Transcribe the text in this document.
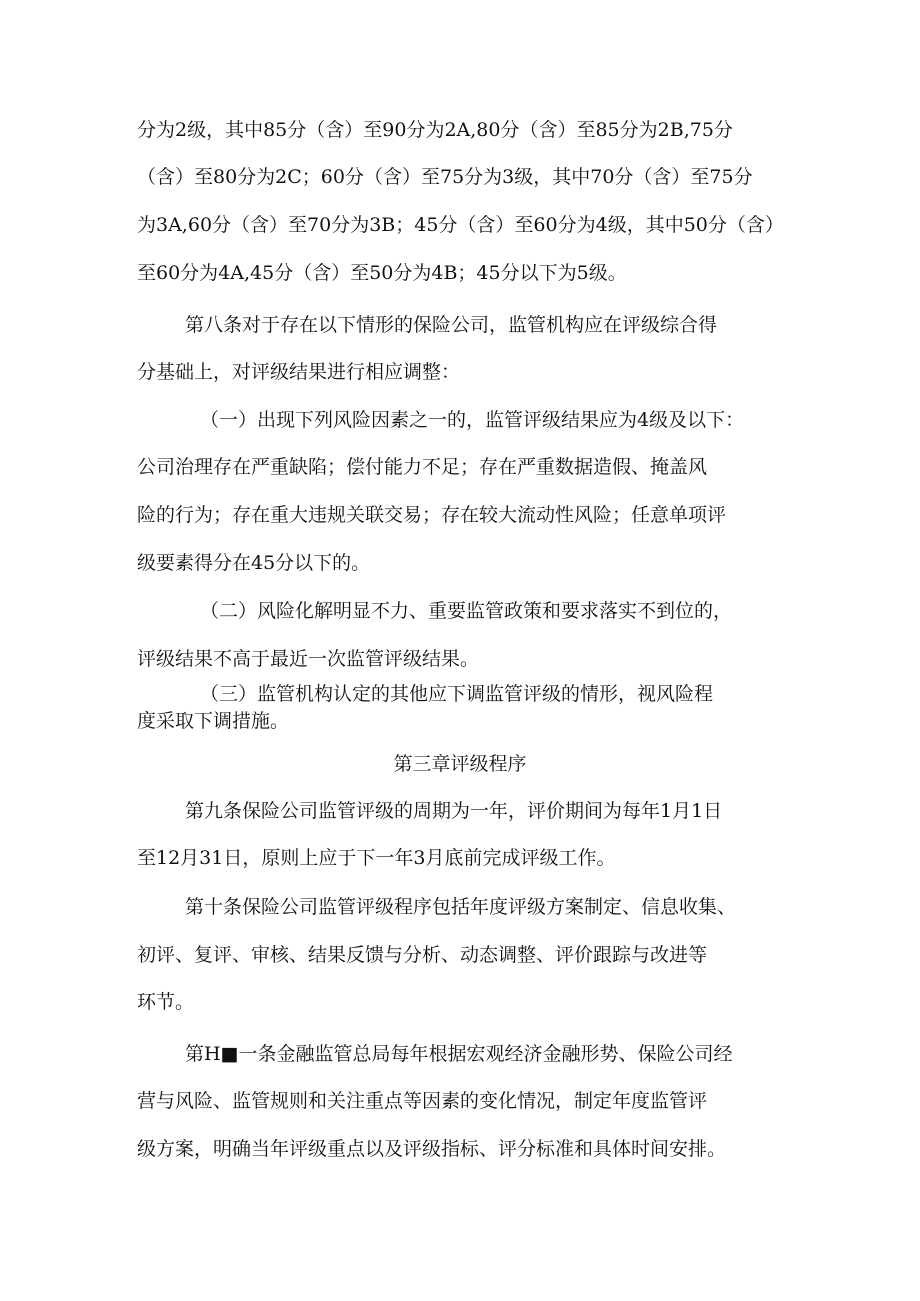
分为2级，其中85分（含）至90分为2A,80分（含）至85分为2B,75分

（含）至80分为2C；60分（含）至75分为3级，其中70分（含）至75分

为3A,60分（含）至70分为3B；45分（含）至60分为4级，其中50分（含）

至60分为4A,45分（含）至50分为4B；45分以下为5级。

第八条对于存在以下情形的保险公司，监管机构应在评级综合得

分基础上，对评级结果进行相应调整：

（一）出现下列风险因素之一的，监管评级结果应为4级及以下：

公司治理存在严重缺陷；偿付能力不足；存在严重数据造假、掩盖风

险的行为；存在重大违规关联交易；存在较大流动性风险；任意单项评

级要素得分在45分以下的。

（二）风险化解明显不力、重要监管政策和要求落实不到位的，

评级结果不高于最近一次监管评级结果。

（三）监管机构认定的其他应下调监管评级的情形，视风险程

度采取下调措施。

第三章评级程序

第九条保险公司监管评级的周期为一年，评价期间为每年1月1日

至12月31日，原则上应于下一年3月底前完成评级工作。

第十条保险公司监管评级程序包括年度评级方案制定、信息收集、

初评、复评、审核、结果反馈与分析、动态调整、评价跟踪与改进等

环节。

第H■一条金融监管总局每年根据宏观经济金融形势、保险公司经

营与风险、监管规则和关注重点等因素的变化情况，制定年度监管评

级方案，明确当年评级重点以及评级指标、评分标准和具体时间安排。
